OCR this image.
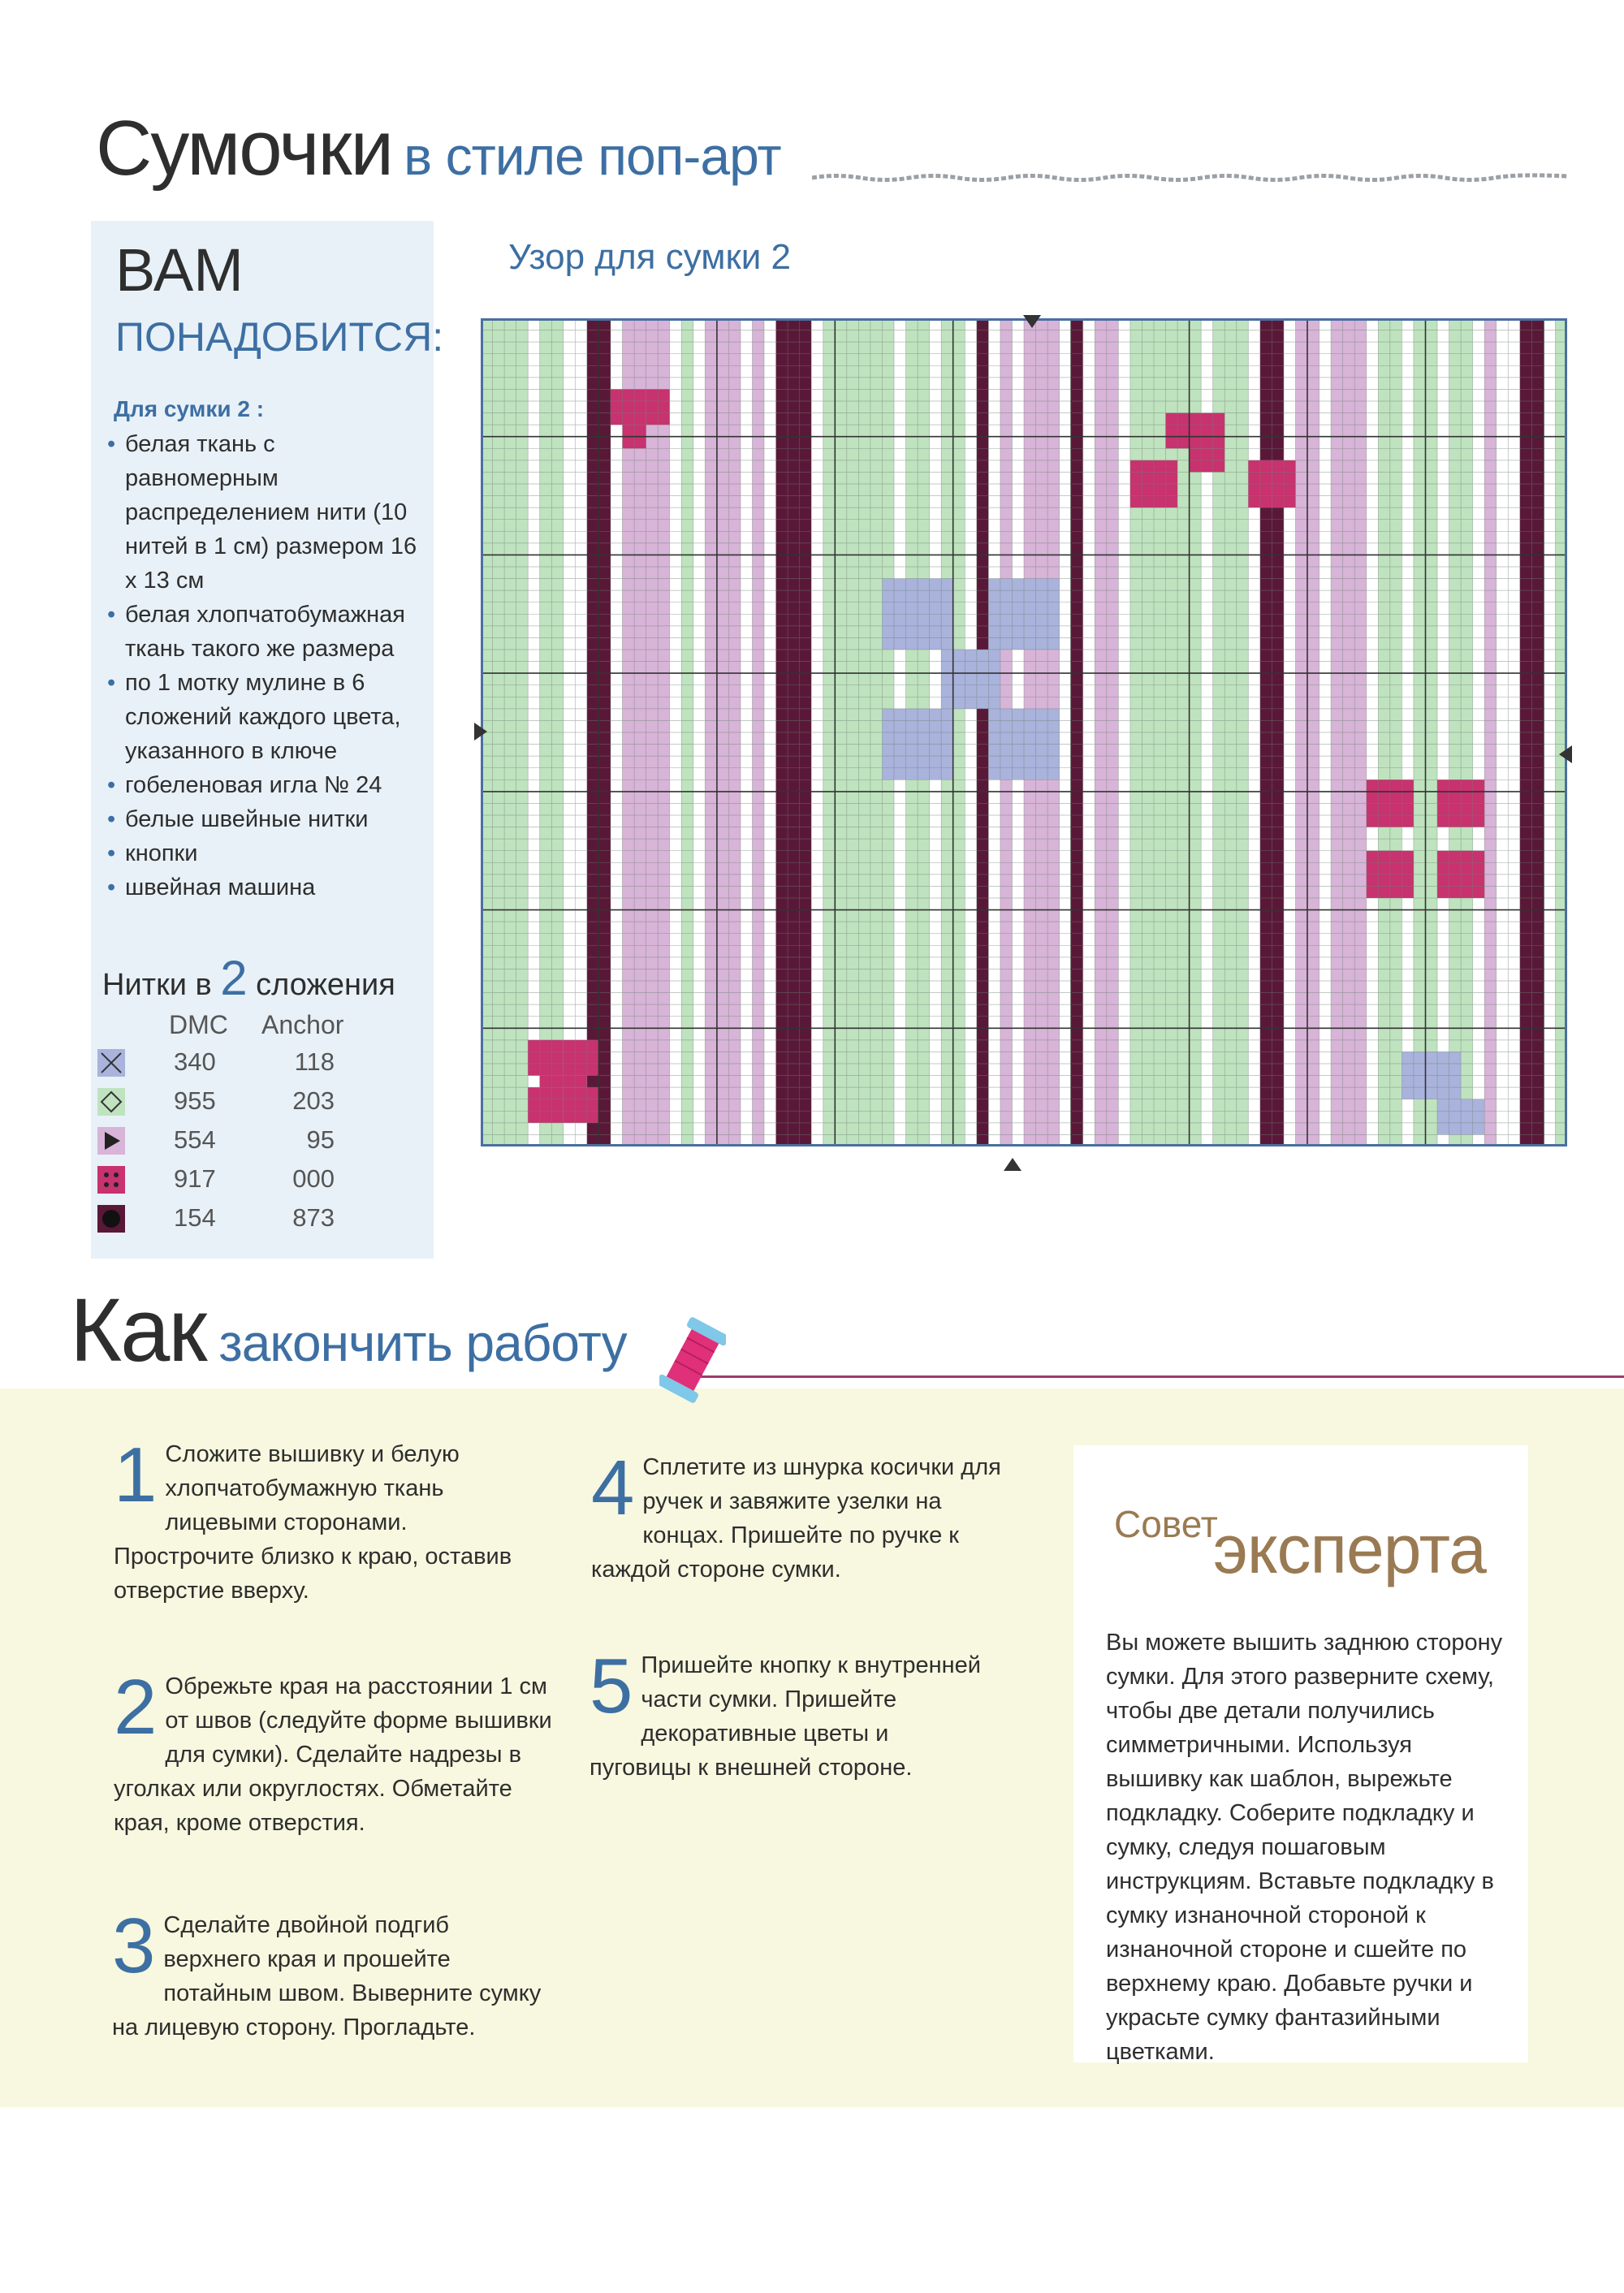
Сумочки в стиле поп-арт
ВАМ
ПОНАДОБИТСЯ:
Для сумки 2 :
• белая ткань с равномерным распределением нити (10 нитей в 1 см) размером 16 х 13 см
• белая хлопчатобумажная ткань такого же размера
• по 1 мотку мулине в 6 сложений каждого цвета, указанного в ключе
• гобеленовая игла № 24
• белые швейные нитки
• кнопки
• швейная машина
Нитки в 2 сложения
DMC Anchor
340	118
955	203
554	95
917	000
154	873
Узор для сумки 2
Как закончить работу
1 Сложите вышивку и белую хлопчатобумажную ткань лицевыми сторонами. Прострочите близко к краю, оставив отверстие вверху.
2 Обрежьте края на расстоянии 1 см от швов (следуйте форме вышивки для сумки). Сделайте надрезы в уголках или округлостях. Обметайте края, кроме отверстия.
3 Сделайте двойной подгиб верхнего края и прошейте потайным швом. Выверните сумку на лицевую сторону. Прогладьте.
4 Сплетите из шнурка косички для ручек и завяжите узелки на концах. Пришейте по ручке к каждой стороне сумки.
5 Пришейте кнопку к внутренней части сумки. Пришейте декоративные цветы и пуговицы к внешней стороне.
Совет
эксперта
Вы можете вышить заднюю сторону сумки. Для этого разверните схему, чтобы две детали получились симметричными. Используя вышивку как шаблон, вырежьте подкладку. Соберите подкладку и сумку, следуя пошаговым инструкциям. Вставьте подкладку в сумку изнаночной стороной к изнаночной стороне и сшейте по верхнему краю. Добавьте ручки и украсьте сумку фантазийными цветками.
